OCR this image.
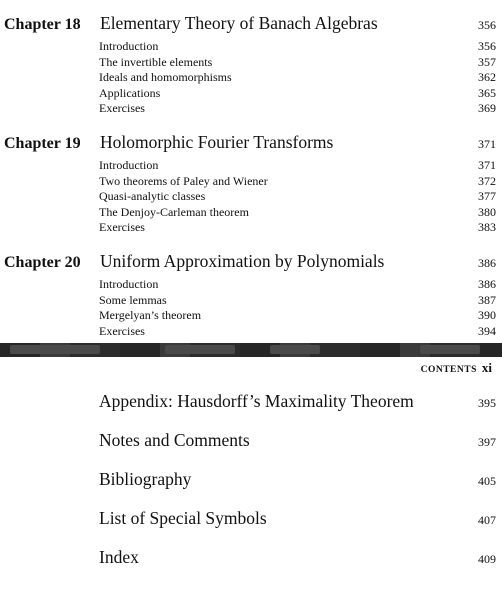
Chapter 18	Elementary Theory of Banach Algebras	356
Introduction	356
The invertible elements	357
Ideals and homomorphisms	362
Applications	365
Exercises	369
Chapter 19	Holomorphic Fourier Transforms	371
Introduction	371
Two theorems of Paley and Wiener	372
Quasi-analytic classes	377
The Denjoy-Carleman theorem	380
Exercises	383
Chapter 20	Uniform Approximation by Polynomials	386
Introduction	386
Some lemmas	387
Mergelyan’s theorem	390
Exercises	394
CONTENTS xi
Appendix: Hausdorff’s Maximality Theorem	395
Notes and Comments	397
Bibliography	405
List of Special Symbols	407
Index	409
